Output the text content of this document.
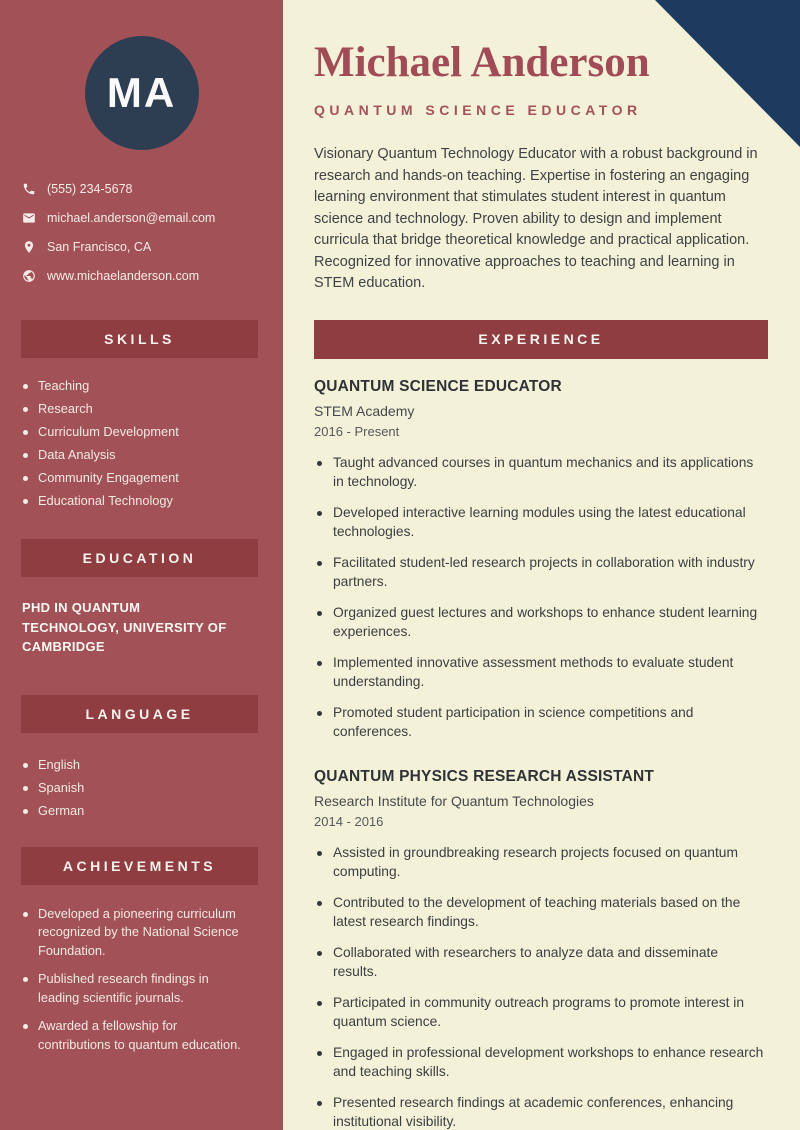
MA
(555) 234-5678
michael.anderson@email.com
San Francisco, CA
www.michaelanderson.com
SKILLS
Teaching
Research
Curriculum Development
Data Analysis
Community Engagement
Educational Technology
EDUCATION
PHD IN QUANTUM TECHNOLOGY, UNIVERSITY OF CAMBRIDGE
LANGUAGE
English
Spanish
German
ACHIEVEMENTS
Developed a pioneering curriculum recognized by the National Science Foundation.
Published research findings in leading scientific journals.
Awarded a fellowship for contributions to quantum education.
Michael Anderson
QUANTUM SCIENCE EDUCATOR

Visionary Quantum Technology Educator with a robust background in research and hands-on teaching. Expertise in fostering an engaging learning environment that stimulates student interest in quantum science and technology. Proven ability to design and implement curricula that bridge theoretical knowledge and practical application. Recognized for innovative approaches to teaching and learning in STEM education.

EXPERIENCE
QUANTUM SCIENCE EDUCATOR
STEM Academy
2016 - Present
Taught advanced courses in quantum mechanics and its applications in technology.
Developed interactive learning modules using the latest educational technologies.
Facilitated student-led research projects in collaboration with industry partners.
Organized guest lectures and workshops to enhance student learning experiences.
Implemented innovative assessment methods to evaluate student understanding.
Promoted student participation in science competitions and conferences.
QUANTUM PHYSICS RESEARCH ASSISTANT
Research Institute for Quantum Technologies
2014 - 2016
Assisted in groundbreaking research projects focused on quantum computing.
Contributed to the development of teaching materials based on the latest research findings.
Collaborated with researchers to analyze data and disseminate results.
Participated in community outreach programs to promote interest in quantum science.
Engaged in professional development workshops to enhance research and teaching skills.
Presented research findings at academic conferences, enhancing institutional visibility.
